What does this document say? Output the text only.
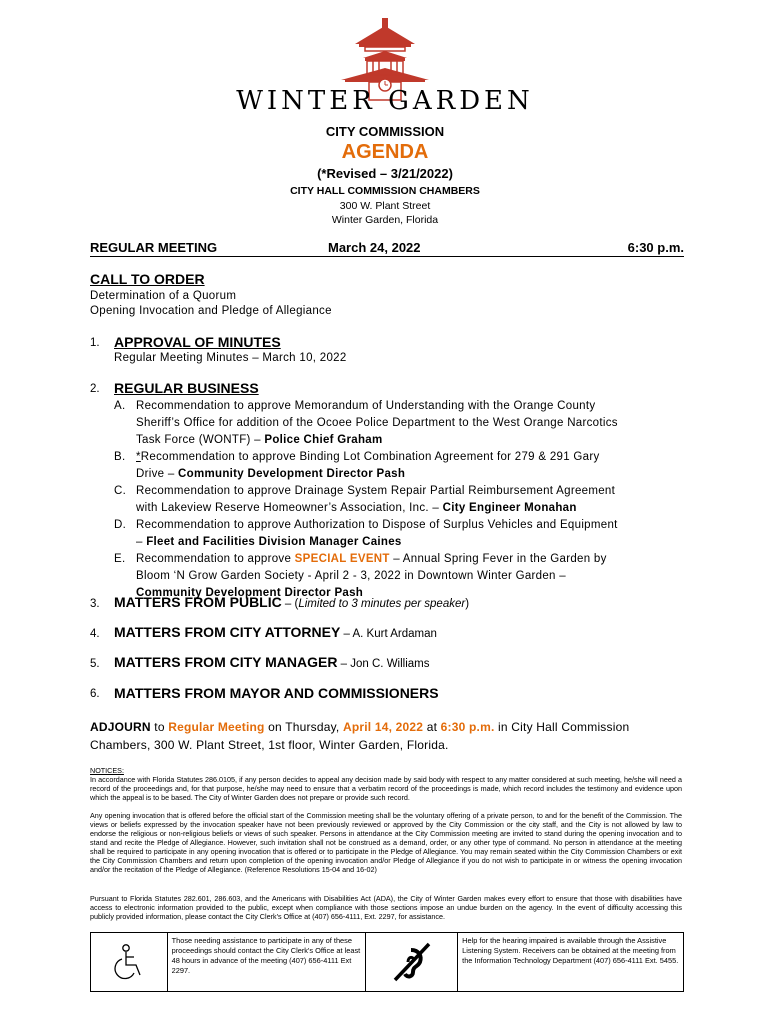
WINTER GARDEN
CITY COMMISSION
AGENDA
(*Revised – 3/21/2022)
CITY HALL COMMISSION CHAMBERS
300 W. Plant Street
Winter Garden, Florida
REGULAR MEETING	March 24, 2022	6:30 p.m.
CALL TO ORDER
Determination of a Quorum
Opening Invocation and Pledge of Allegiance
1. APPROVAL OF MINUTES
Regular Meeting Minutes – March 10, 2022
2. REGULAR BUSINESS
A. Recommendation to approve Memorandum of Understanding with the Orange County
Sheriff’s Office for addition of the Ocoee Police Department to the West Orange Narcotics
Task Force (WONTF) – Police Chief Graham
B. *Recommendation to approve Binding Lot Combination Agreement for 279 & 291 Gary
Drive – Community Development Director Pash
C. Recommendation to approve Drainage System Repair Partial Reimbursement Agreement
with Lakeview Reserve Homeowner’s Association, Inc. – City Engineer Monahan
D. Recommendation to approve Authorization to Dispose of Surplus Vehicles and Equipment
– Fleet and Facilities Division Manager Caines
E. Recommendation to approve SPECIAL EVENT – Annual Spring Fever in the Garden by
Bloom ‘N Grow Garden Society - April 2 - 3, 2022 in Downtown Winter Garden –
Community Development Director Pash
3. MATTERS FROM PUBLIC – (Limited to 3 minutes per speaker)
4. MATTERS FROM CITY ATTORNEY – A. Kurt Ardaman
5. MATTERS FROM CITY MANAGER – Jon C. Williams
6. MATTERS FROM MAYOR AND COMMISSIONERS
ADJOURN to Regular Meeting on Thursday, April 14, 2022 at 6:30 p.m. in City Hall Commission
Chambers, 300 W. Plant Street, 1st floor, Winter Garden, Florida.
NOTICES:
In accordance with Florida Statutes 286.0105, if any person decides to appeal any decision made by said body with respect to any matter considered at such meeting, he/she will need a record of the proceedings and, for that purpose, he/she may need to ensure that a verbatim record of the proceedings is made, which record includes the testimony and evidence upon which the appeal is to be based. The City of Winter Garden does not prepare or provide such record.
Any opening invocation that is offered before the official start of the Commission meeting shall be the voluntary offering of a private person, to and for the benefit of the Commission. The views or beliefs expressed by the invocation speaker have not been previously reviewed or approved by the City Commission or the city staff, and the City is not allowed by law to endorse the religious or non-religious beliefs or views of such speaker. Persons in attendance at the City Commission meeting are invited to stand during the opening invocation and to stand and recite the Pledge of Allegiance. However, such invitation shall not be construed as a demand, order, or any other type of command. No person in attendance at the meeting shall be required to participate in any opening invocation that is offered or to participate in the Pledge of Allegiance. You may remain seated within the City Commission Chambers or exit the City Commission Chambers and return upon completion of the opening invocation and/or Pledge of Allegiance if you do not wish to participate in or witness the opening invocation and/or the recitation of the Pledge of Allegiance. (Reference Resolutions 15-04 and 16-02)
Pursuant to Florida Statutes 282.601, 286.603, and the Americans with Disabilities Act (ADA), the City of Winter Garden makes every effort to ensure that those with disabilities have access to electronic information provided to the public, except when compliance with those sections impose an undue burden on the agency. In the event of difficulty accessing this publicly provided information, please contact the City Clerk's Office at (407) 656-4111, Ext. 2297, for assistance.
Those needing assistance to participate in any of these proceedings should contact the City Clerk's Office at least 48 hours in advance of the meeting (407) 656-4111 Ext 2297.
Help for the hearing impaired is available through the Assistive Listening System. Receivers can be obtained at the meeting from the Information Technology Department (407) 656-4111 Ext. 5455.
